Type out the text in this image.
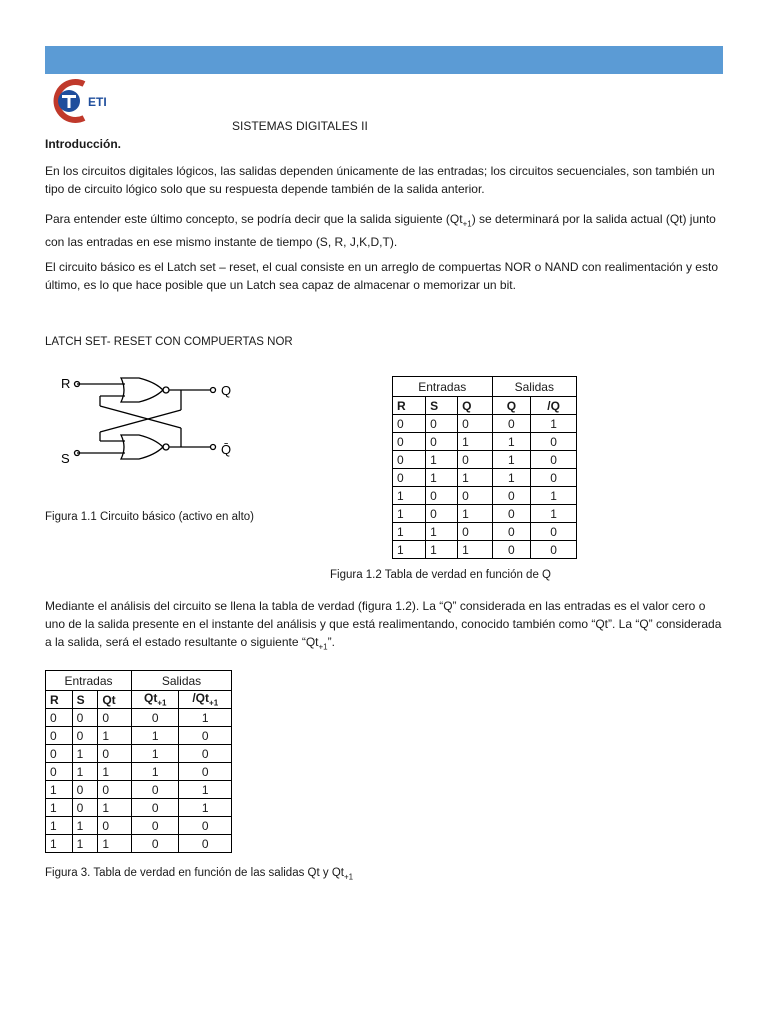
ETI
SISTEMAS DIGITALES II
Introducción.
En los circuitos digitales lógicos, las salidas dependen únicamente de las entradas; los circuitos secuenciales, son también un tipo de circuito lógico solo que su respuesta depende también de la salida anterior.
Para entender este último concepto, se podría decir que la salida siguiente $(Qt_{+1})$ se determinará por la salida actual (Qt) junto con las entradas en ese mismo instante de tiempo (S, R, J,K,D,T).
El circuito básico es el Latch set – reset, el cual consiste en un arreglo de compuertas NOR o NAND con realimentación y esto último, es lo que hace posible que un Latch sea capaz de almacenar o memorizar un bit.
LATCH SET- RESET CON COMPUERTAS NOR
R
S
Q
Q̄
Figura 1.1 Circuito básico (activo en alto)
Entradas			Salidas	
R	S	Q	Q	/Q
0	0	0	0	1
0	0	1	1	0
0	1	0	1	0
0	1	1	1	0
1	0	0	0	1
1	0	1	0	1
1	1	0	0	0
1	1	1	0	0
Figura 1.2 Tabla de verdad en función de Q
Mediante el análisis del circuito se llena la tabla de verdad (figura 1.2). La “Q” considerada en las entradas es el valor cero o uno de la salida presente en el instante del análisis y que está realimentando, conocido también como “Qt”. La “Q” considerada a la salida, será el estado resultante o siguiente “$Qt_{+1}$”.
Entradas			Salidas	
R	S	Qt	$Qt_{+1}$	$/Qt_{+1}$
0	0	0	0	1
0	0	1	1	0
0	1	0	1	0
0	1	1	1	0
1	0	0	0	1
1	0	1	0	1
1	1	0	0	0
1	1	1	0	0
Figura 3. Tabla de verdad en función de las salidas Qt y $Qt_{+1}$
